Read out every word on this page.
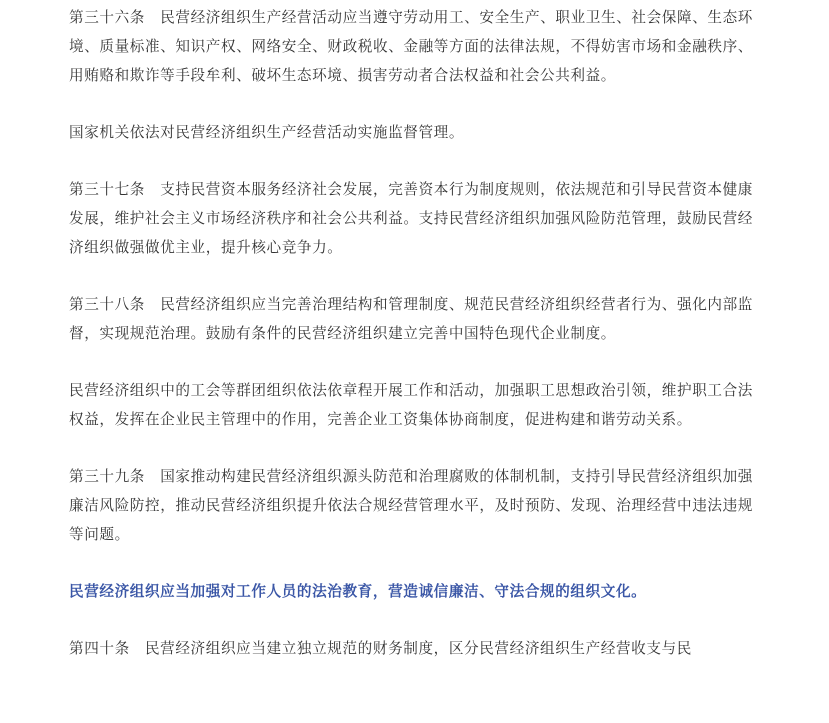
第三十六条　民营经济组织生产经营活动应当遵守劳动用工、安全生产、职业卫生、社会保障、生态环境、质量标准、知识产权、网络安全、财政税收、金融等方面的法律法规，不得妨害市场和金融秩序、用贿赂和欺诈等手段牟利、破坏生态环境、损害劳动者合法权益和社会公共利益。

国家机关依法对民营经济组织生产经营活动实施监督管理。

第三十七条　支持民营资本服务经济社会发展，完善资本行为制度规则，依法规范和引导民营资本健康发展，维护社会主义市场经济秩序和社会公共利益。支持民营经济组织加强风险防范管理，鼓励民营经济组织做强做优主业，提升核心竞争力。

第三十八条　民营经济组织应当完善治理结构和管理制度、规范民营经济组织经营者行为、强化内部监督，实现规范治理。鼓励有条件的民营经济组织建立完善中国特色现代企业制度。

民营经济组织中的工会等群团组织依法依章程开展工作和活动，加强职工思想政治引领，维护职工合法权益，发挥在企业民主管理中的作用，完善企业工资集体协商制度，促进构建和谐劳动关系。

第三十九条　国家推动构建民营经济组织源头防范和治理腐败的体制机制，支持引导民营经济组织加强廉洁风险防控，推动民营经济组织提升依法合规经营管理水平，及时预防、发现、治理经营中违法违规等问题。

民营经济组织应当加强对工作人员的法治教育，营造诚信廉洁、守法合规的组织文化。

第四十条　民营经济组织应当建立独立规范的财务制度，区分民营经济组织生产经营收支与民
